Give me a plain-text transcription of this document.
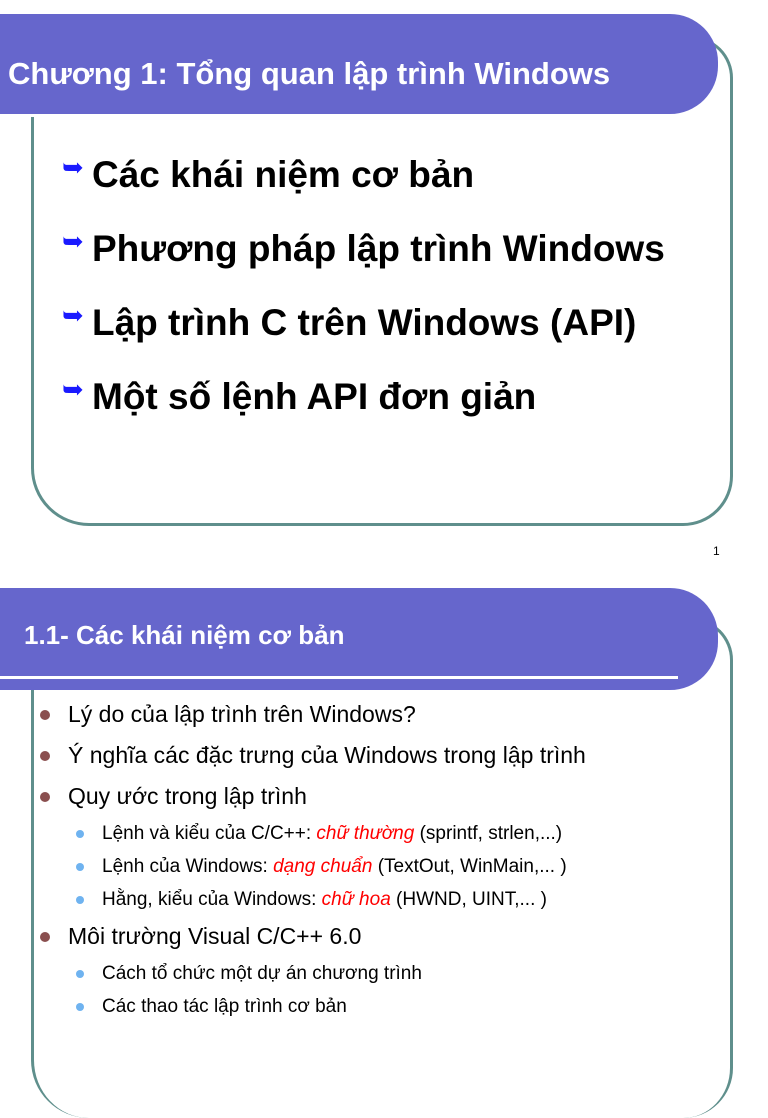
Chương 1: Tổng quan lập trình Windows
➥ Các khái niệm cơ bản
➥ Phương pháp lập trình Windows
➥ Lập trình C trên Windows (API)
➥ Một số lệnh API đơn giản
1
1.1- Các khái niệm cơ bản
Lý do của lập trình trên Windows?
Ý nghĩa các đặc trưng của Windows trong lập trình
Quy ước trong lập trình
Lệnh và kiểu của C/C++: chữ thường (sprintf, strlen,...)
Lệnh của Windows: dạng chuẩn (TextOut, WinMain,... )
Hằng, kiểu của Windows: chữ hoa (HWND, UINT,... )
Môi trường Visual C/C++ 6.0
Cách tổ chức một dự án chương trình
Các thao tác lập trình cơ bản
